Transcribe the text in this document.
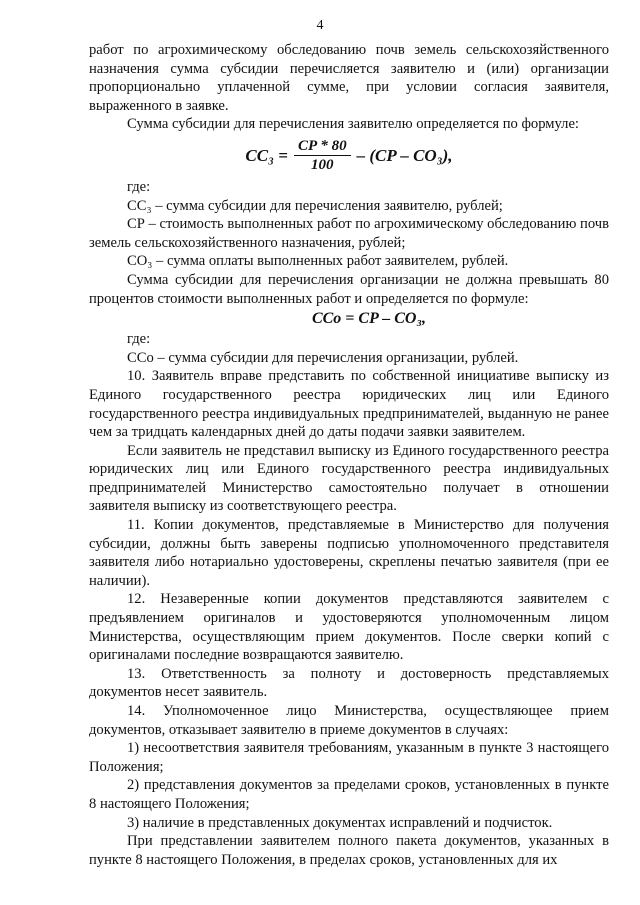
4

работ по агрохимическому обследованию почв земель сельскохозяйственного назначения сумма субсидии перечисляется заявителю и (или) организации пропорционально уплаченной сумме, при условии согласия заявителя, выраженного в заявке.

Сумма субсидии для перечисления заявителю определяется по формуле:

$CC_3 = \frac{CP * 80}{100} - (CP - CO_3)$,

где:

СС₃ – сумма субсидии для перечисления заявителю, рублей;

СР – стоимость выполненных работ по агрохимическому обследованию почв земель сельскохозяйственного назначения, рублей;

СО₃ – сумма оплаты выполненных работ заявителем, рублей.

Сумма субсидии для перечисления организации не должна превышать 80 процентов стоимости выполненных работ и определяется по формуле:

CCо = CP – CO₃,

где:

ССо – сумма субсидии для перечисления организации, рублей.

10. Заявитель вправе представить по собственной инициативе выписку из Единого государственного реестра юридических лиц или Единого государственного реестра индивидуальных предпринимателей, выданную не ранее чем за тридцать календарных дней до даты подачи заявки заявителем.

Если заявитель не представил выписку из Единого государственного реестра юридических лиц или Единого государственного реестра индивидуальных предпринимателей Министерство самостоятельно получает в отношении заявителя выписку из соответствующего реестра.

11. Копии документов, представляемые в Министерство для получения субсидии, должны быть заверены подписью уполномоченного представителя заявителя либо нотариально удостоверены, скреплены печатью заявителя (при ее наличии).

12. Незаверенные копии документов представляются заявителем с предъявлением оригиналов и удостоверяются уполномоченным лицом Министерства, осуществляющим прием документов. После сверки копий с оригиналами последние возвращаются заявителю.

13. Ответственность за полноту и достоверность представляемых документов несет заявитель.

14. Уполномоченное лицо Министерства, осуществляющее прием документов, отказывает заявителю в приеме документов в случаях:

1) несоответствия заявителя требованиям, указанным в пункте 3 настоящего Положения;

2) представления документов за пределами сроков, установленных в пункте 8 настоящего Положения;

3) наличие в представленных документах исправлений и подчисток.

При представлении заявителем полного пакета документов, указанных в пункте 8 настоящего Положения, в пределах сроков, установленных для их
